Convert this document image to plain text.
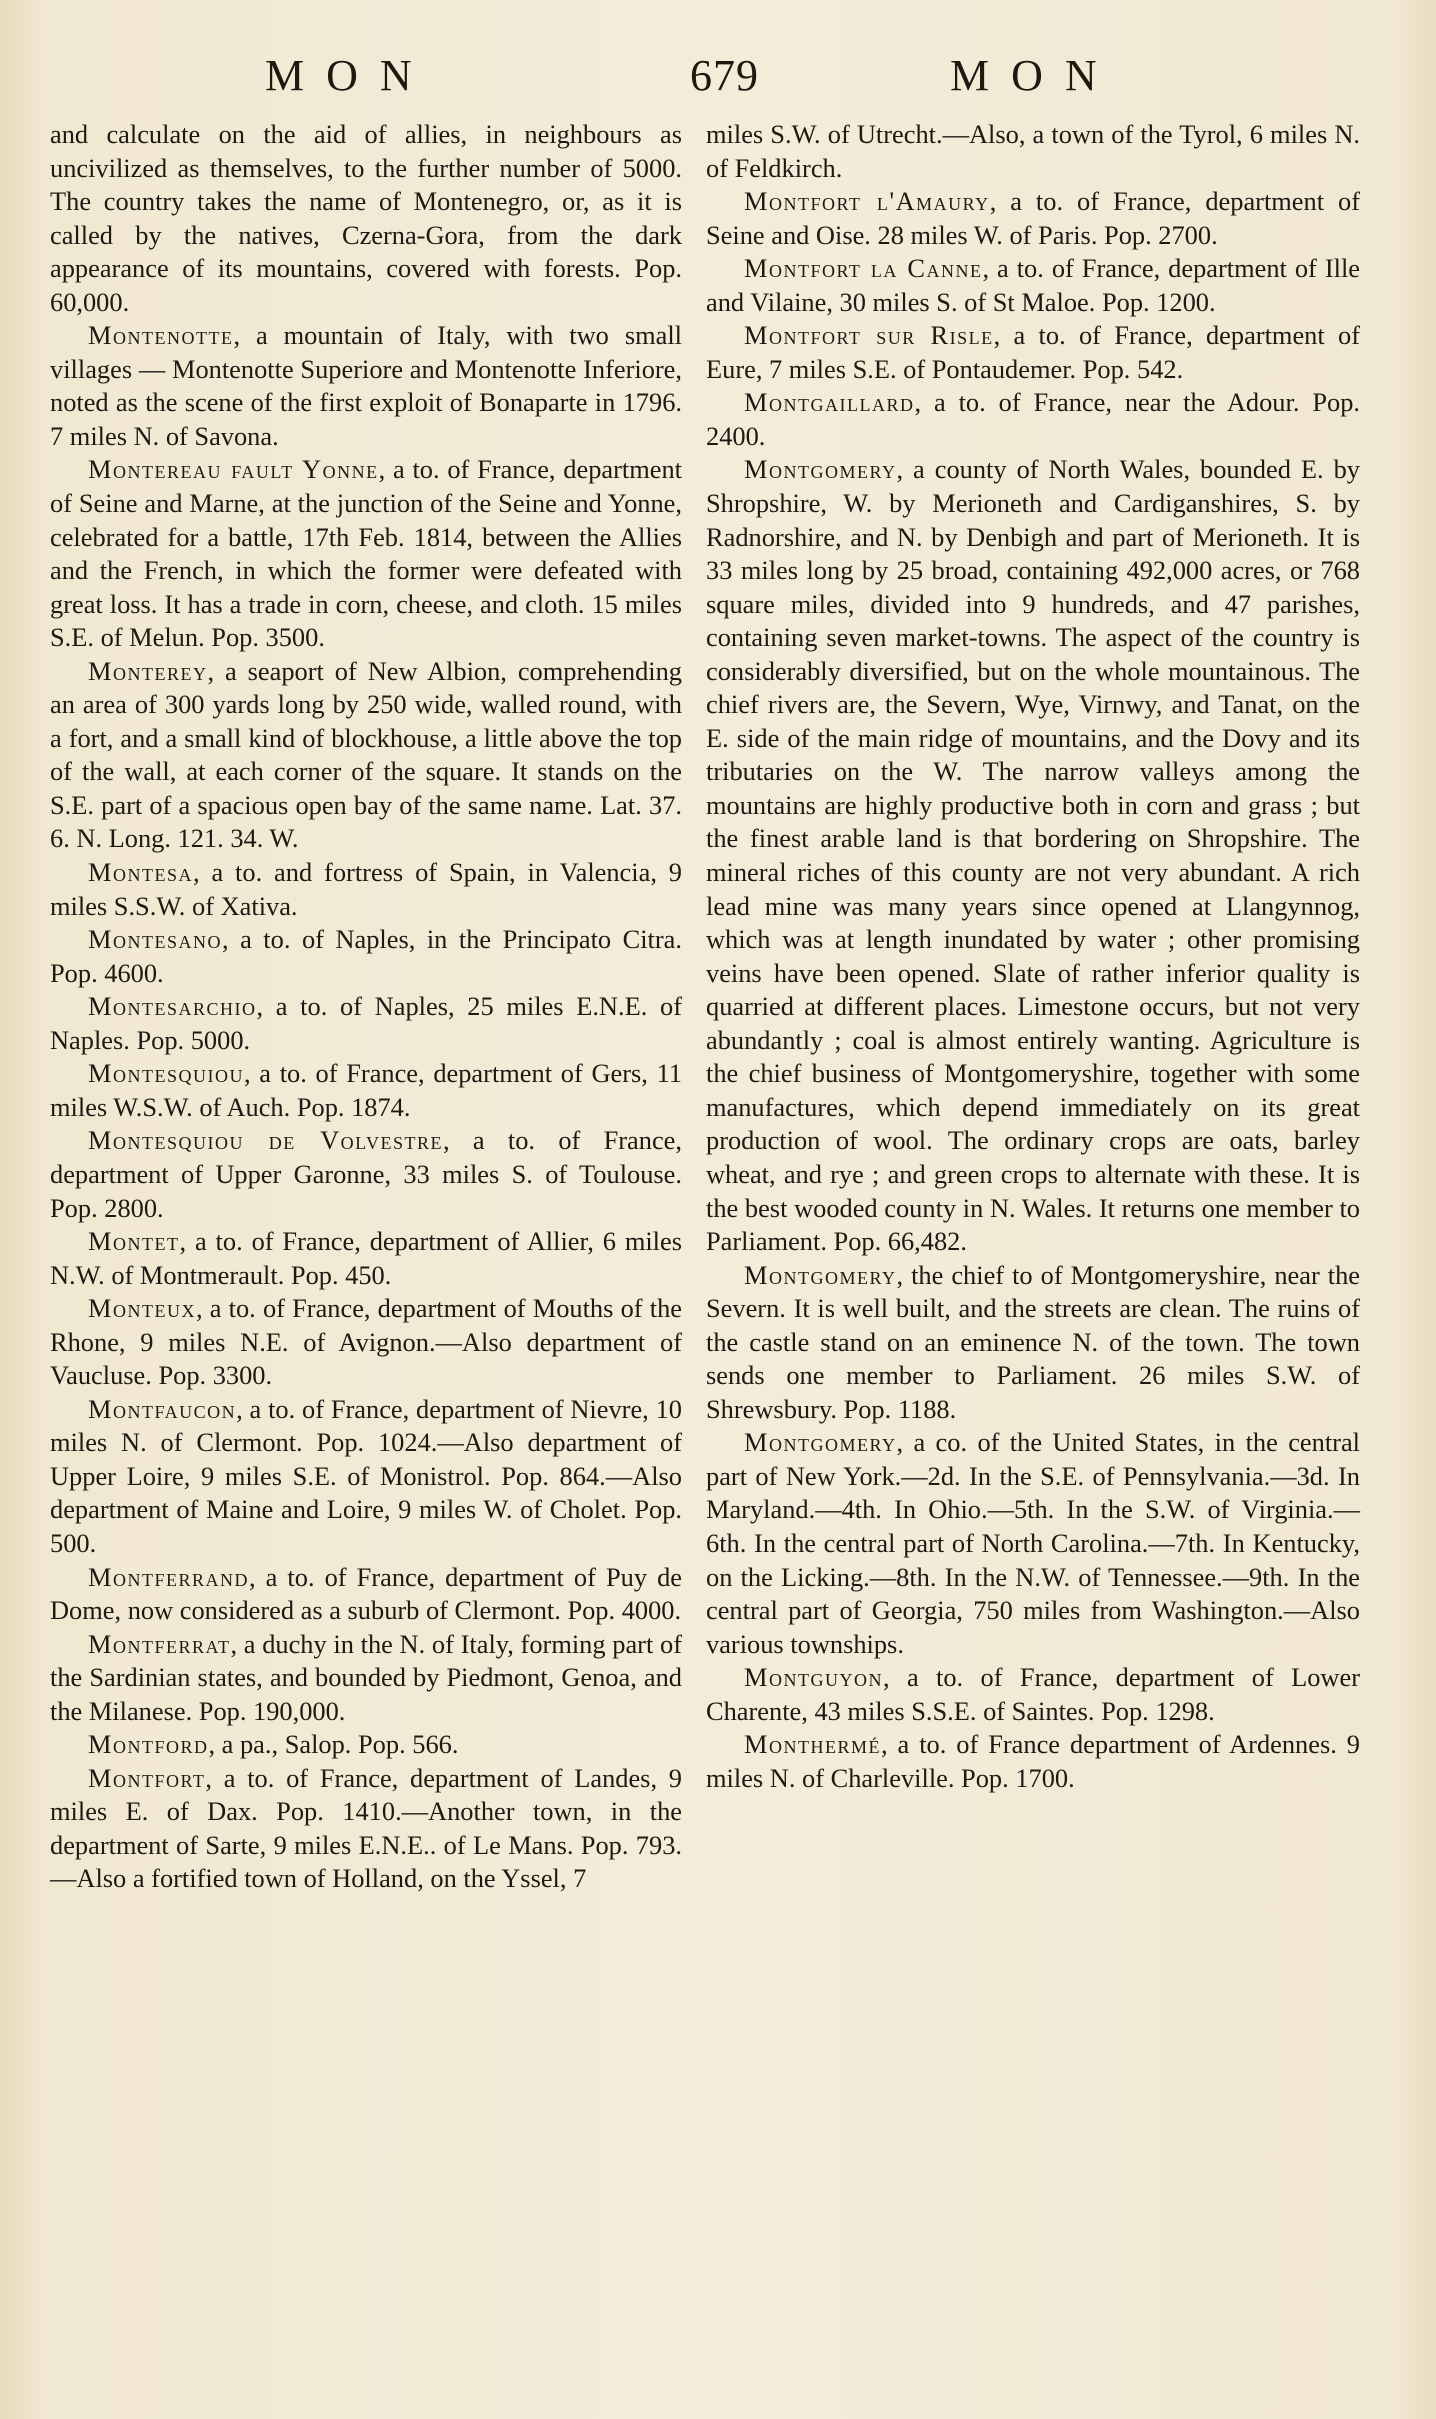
MON	679	MON

and calculate on the aid of allies, in neighbours as uncivilized as themselves, to the further number of 5000. The country takes the name of Montenegro, or, as it is called by the natives, Czerna-Gora, from the dark appearance of its mountains, covered with forests. Pop. 60,000.

Montenotte, a mountain of Italy, with two small villages — Montenotte Superiore and Montenotte Inferiore, noted as the scene of the first exploit of Bonaparte in 1796. 7 miles N. of Savona.

Montereau fault Yonne, a to. of France, department of Seine and Marne, at the junction of the Seine and Yonne, celebrated for a battle, 17th Feb. 1814, between the Allies and the French, in which the former were defeated with great loss. It has a trade in corn, cheese, and cloth. 15 miles S.E. of Melun. Pop. 3500.

Monterey, a seaport of New Albion, comprehending an area of 300 yards long by 250 wide, walled round, with a fort, and a small kind of blockhouse, a little above the top of the wall, at each corner of the square. It stands on the S.E. part of a spacious open bay of the same name. Lat. 37. 6. N. Long. 121. 34. W.

Montesa, a to. and fortress of Spain, in Valencia, 9 miles S.S.W. of Xativa.

Montesano, a to. of Naples, in the Principato Citra. Pop. 4600.

Montesarchio, a to. of Naples, 25 miles E.N.E. of Naples. Pop. 5000.

Montesquiou, a to. of France, department of Gers, 11 miles W.S.W. of Auch. Pop. 1874.

Montesquiou de Volvestre, a to. of France, department of Upper Garonne, 33 miles S. of Toulouse. Pop. 2800.

Montet, a to. of France, department of Allier, 6 miles N.W. of Montmerault. Pop. 450.

Monteux, a to. of France, department of Mouths of the Rhone, 9 miles N.E. of Avignon.—Also department of Vaucluse. Pop. 3300.

Montfaucon, a to. of France, department of Nievre, 10 miles N. of Clermont. Pop. 1024.—Also department of Upper Loire, 9 miles S.E. of Monistrol. Pop. 864.—Also department of Maine and Loire, 9 miles W. of Cholet. Pop. 500.

Montferrand, a to. of France, department of Puy de Dome, now considered as a suburb of Clermont. Pop. 4000.

Montferrat, a duchy in the N. of Italy, forming part of the Sardinian states, and bounded by Piedmont, Genoa, and the Milanese. Pop. 190,000.

Montford, a pa., Salop. Pop. 566.

Montfort, a to. of France, department of Landes, 9 miles E. of Dax. Pop. 1410.—Another town, in the department of Sarte, 9 miles E.N.E.. of Le Mans. Pop. 793.—Also a fortified town of Holland, on the Yssel, 7

miles S.W. of Utrecht.—Also, a town of the Tyrol, 6 miles N. of Feldkirch.

Montfort l'Amaury, a to. of France, department of Seine and Oise. 28 miles W. of Paris. Pop. 2700.

Montfort la Canne, a to. of France, department of Ille and Vilaine, 30 miles S. of St Maloe. Pop. 1200.

Montfort sur Risle, a to. of France, department of Eure, 7 miles S.E. of Pontaudemer. Pop. 542.

Montgaillard, a to. of France, near the Adour. Pop. 2400.

Montgomery, a county of North Wales, bounded E. by Shropshire, W. by Merioneth and Cardiganshires, S. by Radnorshire, and N. by Denbigh and part of Merioneth. It is 33 miles long by 25 broad, containing 492,000 acres, or 768 square miles, divided into 9 hundreds, and 47 parishes, containing seven market-towns. The aspect of the country is considerably diversified, but on the whole mountainous. The chief rivers are, the Severn, Wye, Virnwy, and Tanat, on the E. side of the main ridge of mountains, and the Dovy and its tributaries on the W. The narrow valleys among the mountains are highly productive both in corn and grass ; but the finest arable land is that bordering on Shropshire. The mineral riches of this county are not very abundant. A rich lead mine was many years since opened at Llangynnog, which was at length inundated by water ; other promising veins have been opened. Slate of rather inferior quality is quarried at different places. Limestone occurs, but not very abundantly ; coal is almost entirely wanting. Agriculture is the chief business of Montgomeryshire, together with some manufactures, which depend immediately on its great production of wool. The ordinary crops are oats, barley wheat, and rye ; and green crops to alternate with these. It is the best wooded county in N. Wales. It returns one member to Parliament. Pop. 66,482.

Montgomery, the chief to of Montgomeryshire, near the Severn. It is well built, and the streets are clean. The ruins of the castle stand on an eminence N. of the town. The town sends one member to Parliament. 26 miles S.W. of Shrewsbury. Pop. 1188.

Montgomery, a co. of the United States, in the central part of New York.—2d. In the S.E. of Pennsylvania.—3d. In Maryland.—4th. In Ohio.—5th. In the S.W. of Virginia.—6th. In the central part of North Carolina.—7th. In Kentucky, on the Licking.—8th. In the N.W. of Tennessee.—9th. In the central part of Georgia, 750 miles from Washington.—Also various townships.

Montguyon, a to. of France, department of Lower Charente, 43 miles S.S.E. of Saintes. Pop. 1298.

Monthermé, a to. of France department of Ardennes. 9 miles N. of Charleville. Pop. 1700.
